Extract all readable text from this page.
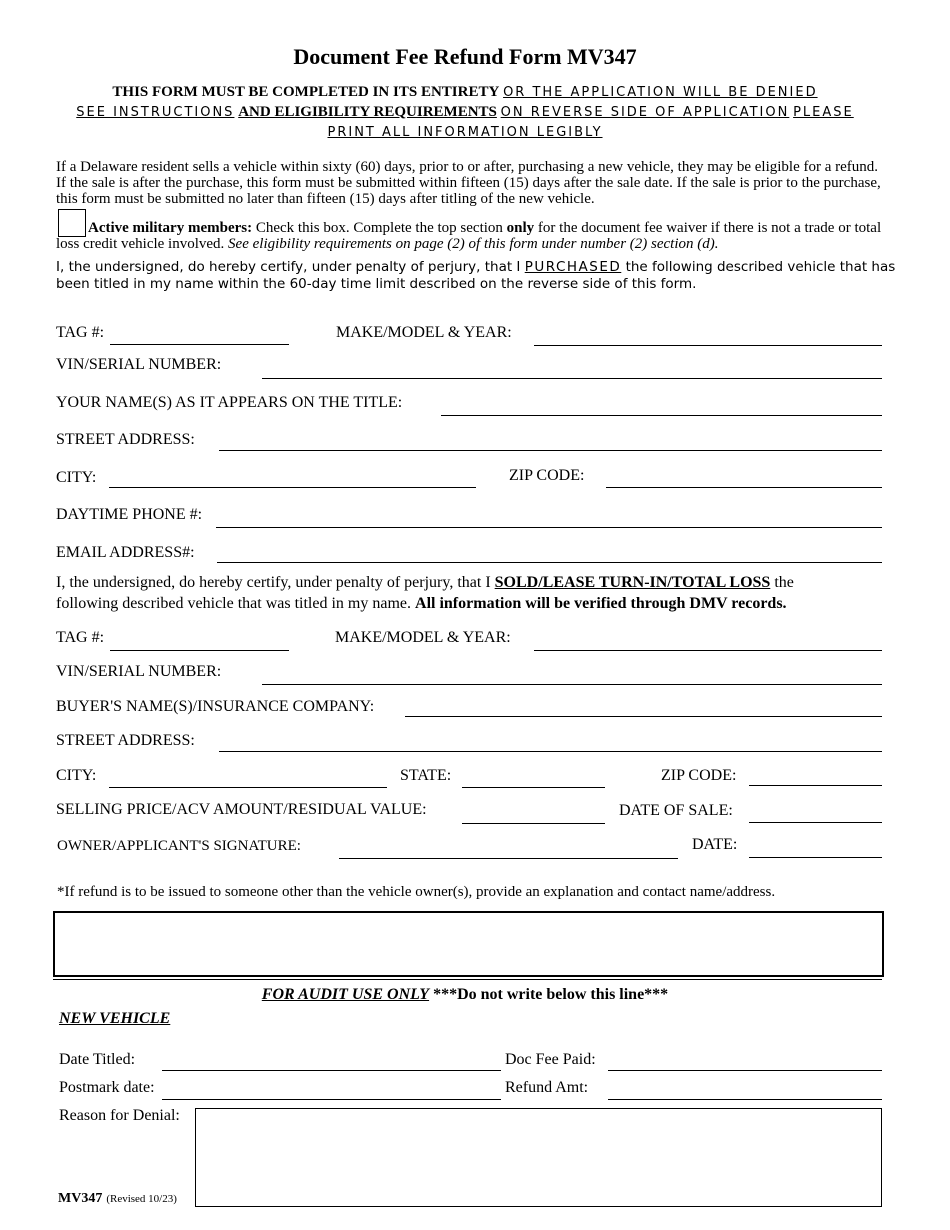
Document Fee Refund Form MV347
THIS FORM MUST BE COMPLETED IN ITS ENTIRETY OR THE APPLICATION WILL BE DENIED
SEE INSTRUCTIONS AND ELIGIBILITY REQUIREMENTS ON REVERSE SIDE OF APPLICATION PLEASE
PRINT ALL INFORMATION LEGIBLY
If a Delaware resident sells a vehicle within sixty (60) days, prior to or after, purchasing a new vehicle, they may be eligible for a refund. If the sale is after the purchase, this form must be submitted within fifteen (15) days after the sale date. If the sale is prior to the purchase, this form must be submitted no later than fifteen (15) days after titling of the new vehicle.
Active military members: Check this box. Complete the top section only for the document fee waiver if there is not a trade or total loss credit vehicle involved. See eligibility requirements on page (2) of this form under number (2) section (d).
I, the undersigned, do hereby certify, under penalty of perjury, that I PURCHASED the following described vehicle that has
been titled in my name within the 60-day time limit described on the reverse side of this form.
TAG #:	MAKE/MODEL & YEAR:
VIN/SERIAL NUMBER:
YOUR NAME(S) AS IT APPEARS ON THE TITLE:
STREET ADDRESS:
CITY:	ZIP CODE:
DAYTIME PHONE #:
EMAIL ADDRESS#:
I, the undersigned, do hereby certify, under penalty of perjury, that I SOLD/LEASE TURN-IN/TOTAL LOSS the
following described vehicle that was titled in my name. All information will be verified through DMV records.
TAG #:	MAKE/MODEL & YEAR:
VIN/SERIAL NUMBER:
BUYER'S NAME(S)/INSURANCE COMPANY:
STREET ADDRESS:
CITY:	STATE:	ZIP CODE:
SELLING PRICE/ACV AMOUNT/RESIDUAL VALUE:	DATE OF SALE:
OWNER/APPLICANT'S SIGNATURE:	DATE:
*If refund is to be issued to someone other than the vehicle owner(s), provide an explanation and contact name/address.
FOR AUDIT USE ONLY ***Do not write below this line***
NEW VEHICLE
Date Titled:	Doc Fee Paid:
Postmark date:	Refund Amt:
Reason for Denial:
MV347 (Revised 10/23)
